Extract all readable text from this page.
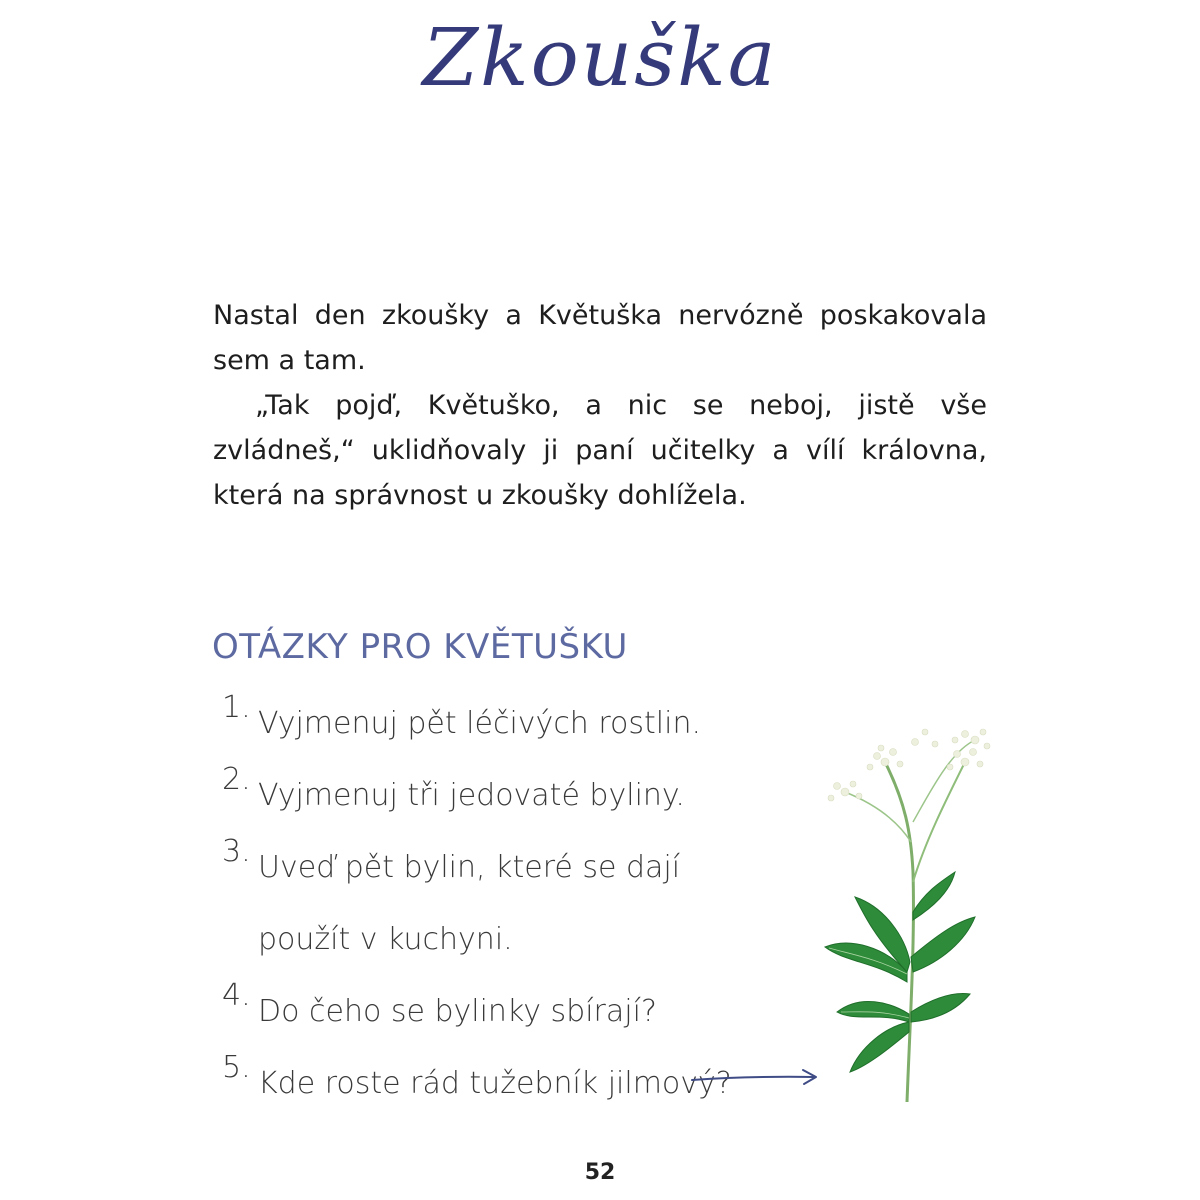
Zkouška

Nastal den zkoušky a Květuška nervózně poskakovala sem a tam.

„Tak pojď, Květuško, a nic se neboj, jistě vše zvládneš,“ uklidňovaly ji paní učitelky a vílí královna, která na správnost u zkoušky dohlížela.

OTÁZKY PRO KVĚTUŠKU
1. Vyjmenuj pět léčivých rostlin.
2. Vyjmenuj tři jedovaté byliny.
3. Uveď pět bylin, které se dají
použít v kuchyni.
4. Do čeho se bylinky sbírají?
5. Kde roste rád tužebník jilmový?
52
